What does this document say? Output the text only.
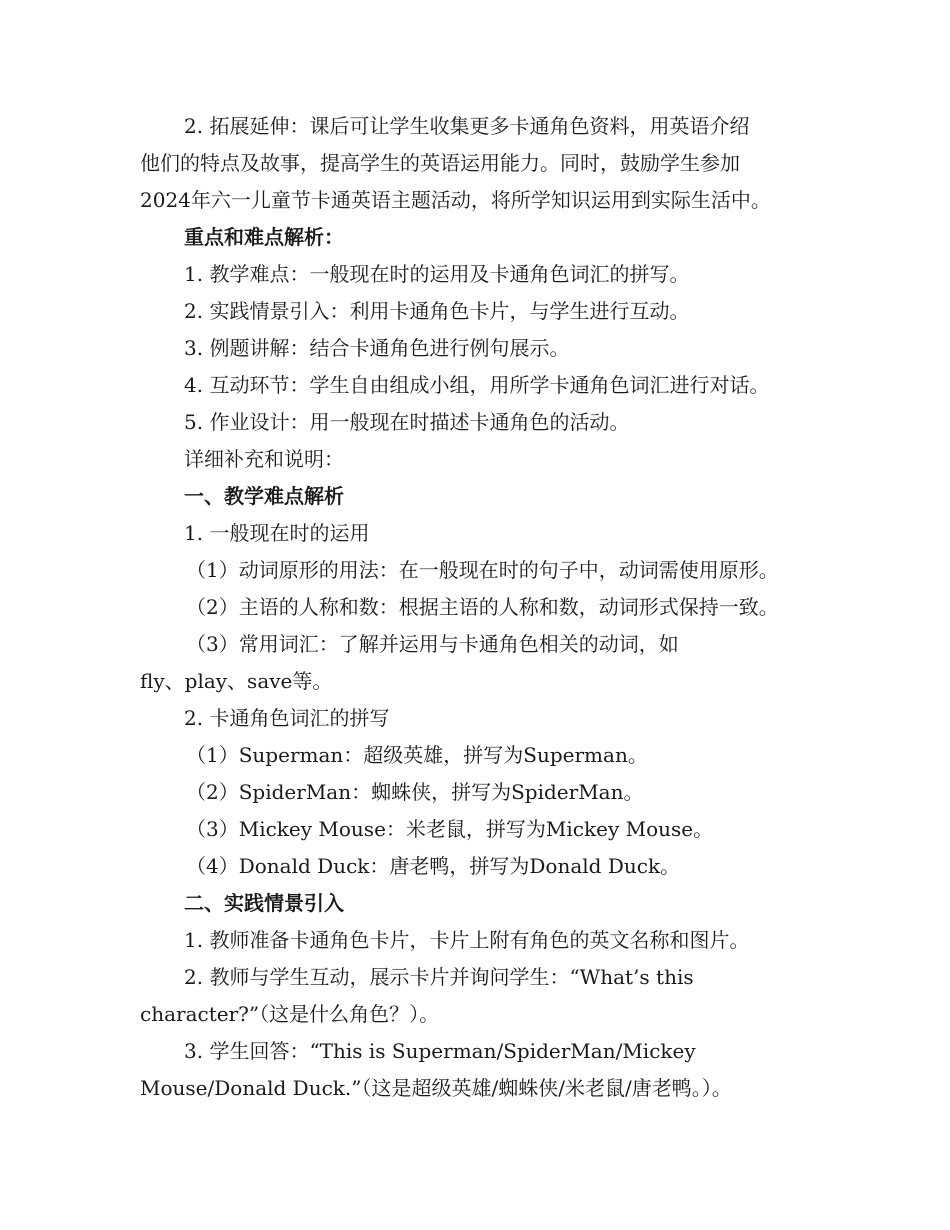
2. 拓展延伸：课后可让学生收集更多卡通角色资料，用英语介绍
他们的特点及故事，提高学生的英语运用能力。同时，鼓励学生参加
2024年六一儿童节卡通英语主题活动，将所学知识运用到实际生活中。
重点和难点解析：
1. 教学难点：一般现在时的运用及卡通角色词汇的拼写。
2. 实践情景引入：利用卡通角色卡片，与学生进行互动。
3. 例题讲解：结合卡通角色进行例句展示。
4. 互动环节：学生自由组成小组，用所学卡通角色词汇进行对话。
5. 作业设计：用一般现在时描述卡通角色的活动。
详细补充和说明：
一、教学难点解析
1. 一般现在时的运用
（1）动词原形的用法：在一般现在时的句子中，动词需使用原形。
（2）主语的人称和数：根据主语的人称和数，动词形式保持一致。
（3）常用词汇：了解并运用与卡通角色相关的动词，如
fly、play、save等。
2. 卡通角色词汇的拼写
（1）Superman：超级英雄，拼写为Superman。
（2）SpiderMan：蜘蛛侠，拼写为SpiderMan。
（3）Mickey Mouse：米老鼠，拼写为Mickey Mouse。
（4）Donald Duck：唐老鸭，拼写为Donald Duck。
二、实践情景引入
1. 教师准备卡通角色卡片，卡片上附有角色的英文名称和图片。
2. 教师与学生互动，展示卡片并询问学生：“What’s this
character?”（这是什么角色？）。
3. 学生回答：“This is Superman/SpiderMan/Mickey
Mouse/Donald Duck.”（这是超级英雄/蜘蛛侠/米老鼠/唐老鸭。）。
